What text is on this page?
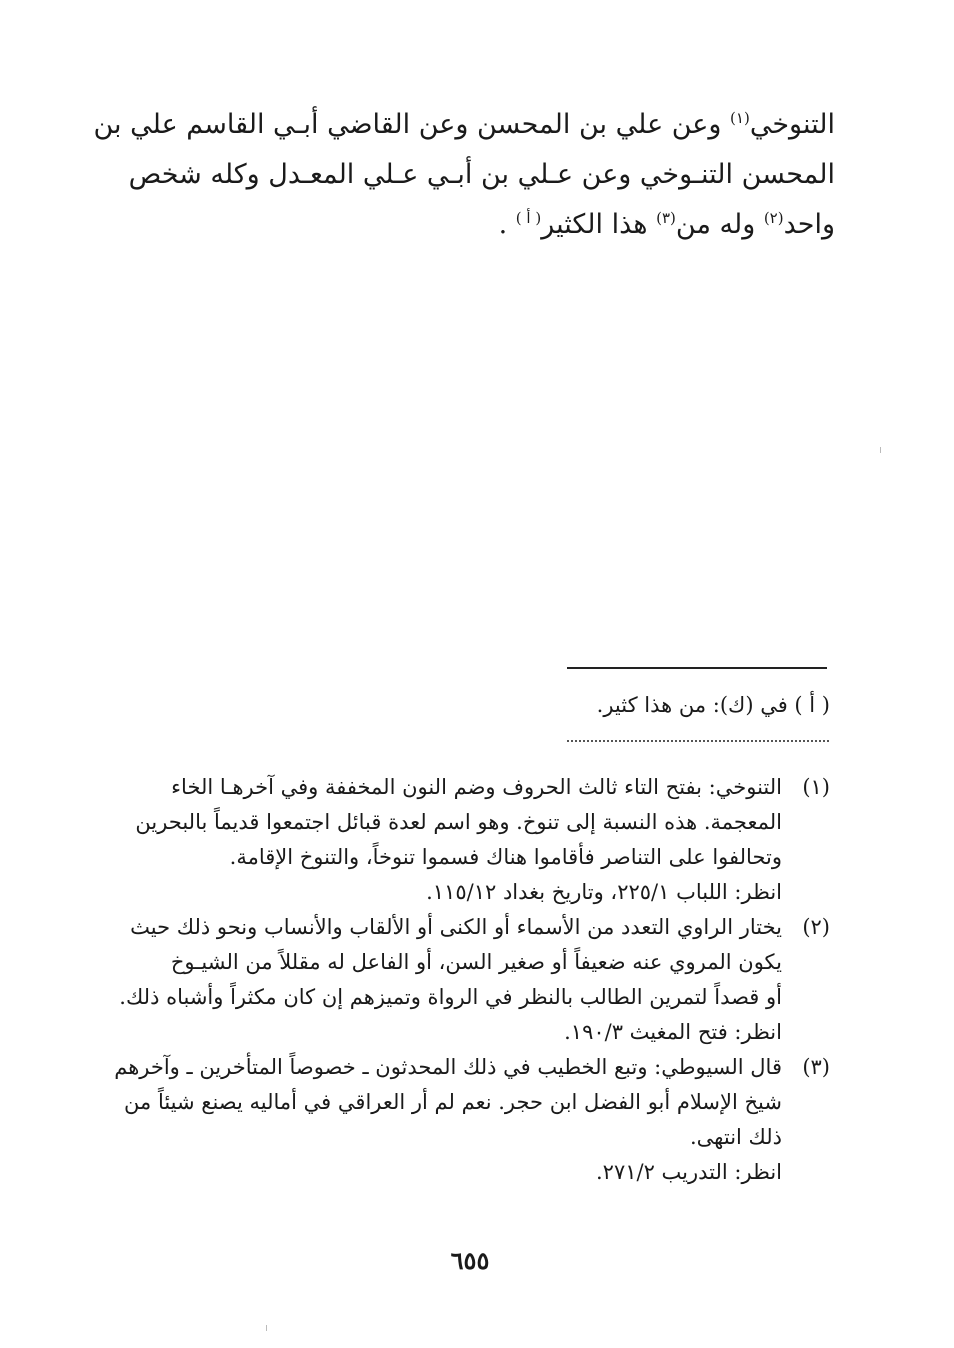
التنوخي$^{(١)}$ وعن علي بن المحسن وعن القاضي أبـي القاسم علي بن
المحسن التنـوخي وعن عـلي بن أبـي عـلي المعـدل وكله شخص
واحد$^{(٢)}$ وله من$^{(٣)}$ هذا الكثير$^{( أ )}$ .
( أ ) في (ك): من هذا كثير.
(١)
التنوخي: بفتح التاء ثالث الحروف وضم النون المخففة وفي آخرهـا الخاء
المعجمة. هذه النسبة إلى تنوخ. وهو اسم لعدة قبائل اجتمعوا قديماً بالبحرين
وتحالفوا على التناصر فأقاموا هناك فسموا تنوخاً، والتنوخ الإقامة.
انظر: اللباب ٢٢٥/١، وتاريخ بغداد ١١٥/١٢.
(٢)
يختار الراوي التعدد من الأسماء أو الكنى أو الألقاب والأنساب ونحو ذلك حيث
يكون المروي عنه ضعيفاً أو صغير السن، أو الفاعل له مقللاً من الشيـوخ
أو قصداً لتمرين الطالب بالنظر في الرواة وتميزهم إن كان مكثراً وأشباه ذلك.
انظر: فتح المغيث ١٩٠/٣.
(٣)
قال السيوطي: وتبع الخطيب في ذلك المحدثون ـ خصوصاً المتأخرين ـ وآخرهم
شيخ الإسلام أبو الفضل ابن حجر. نعم لم أر العراقي في أماليه يصنع شيئاً من
ذلك انتهى.
انظر: التدريب ٢٧١/٢.
٦٥٥
